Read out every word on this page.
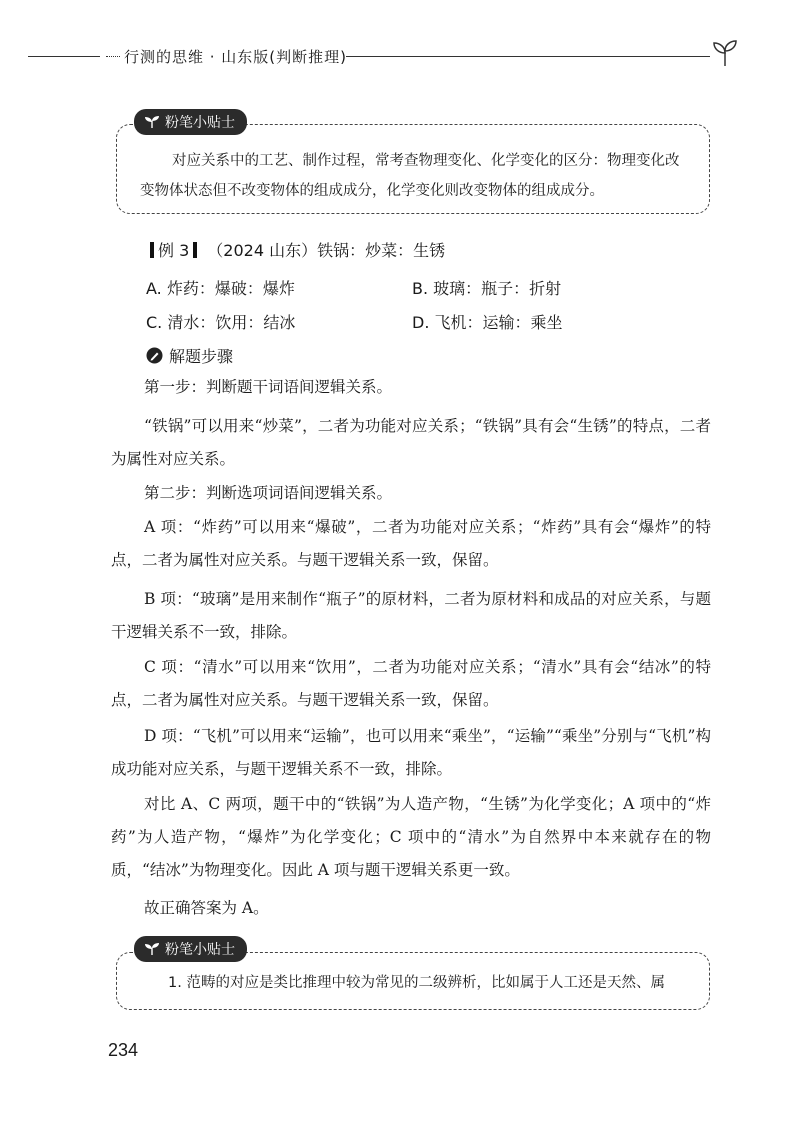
行测的思维 · 山东版(判断推理)
粉笔小贴士
对应关系中的工艺、制作过程，常考查物理变化、化学变化的区分：物理变化改变物体状态但不改变物体的组成成分，化学变化则改变物体的组成成分。
例 3 （2024 山东）铁锅：炒菜：生锈
A. 炸药：爆破：爆炸	B. 玻璃：瓶子：折射
C. 清水：饮用：结冰	D. 飞机：运输：乘坐
解题步骤
第一步：判断题干词语间逻辑关系。
“铁锅”可以用来“炒菜”，二者为功能对应关系；“铁锅”具有会“生锈”的特点，二者为属性对应关系。
第二步：判断选项词语间逻辑关系。
A 项：“炸药”可以用来“爆破”，二者为功能对应关系；“炸药”具有会“爆炸”的特点，二者为属性对应关系。与题干逻辑关系一致，保留。
B 项：“玻璃”是用来制作“瓶子”的原材料，二者为原材料和成品的对应关系，与题干逻辑关系不一致，排除。
C 项：“清水”可以用来“饮用”，二者为功能对应关系；“清水”具有会“结冰”的特点，二者为属性对应关系。与题干逻辑关系一致，保留。
D 项：“飞机”可以用来“运输”，也可以用来“乘坐”，“运输”“乘坐”分别与“飞机”构成功能对应关系，与题干逻辑关系不一致，排除。
对比 A、C 两项，题干中的“铁锅”为人造产物，“生锈”为化学变化；A 项中的“炸药”为人造产物，“爆炸”为化学变化；C 项中的“清水”为自然界中本来就存在的物质，“结冰”为物理变化。因此 A 项与题干逻辑关系更一致。
故正确答案为 A。
粉笔小贴士
1. 范畴的对应是类比推理中较为常见的二级辨析，比如属于人工还是天然、属
234
